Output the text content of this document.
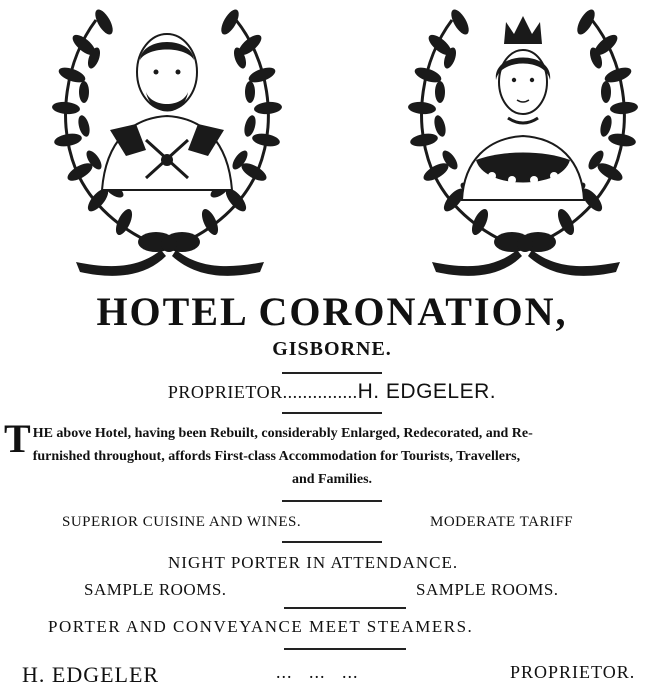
HOTEL CORONATION,
GISBORNE.
PROPRIETOR...............H. EDGELER.
T HE above Hotel, having been Rebuilt, considerably Enlarged, Redecorated, and Re-
furnished throughout, affords First-class Accommodation for Tourists, Travellers,
and Families.
SUPERIOR CUISINE AND WINES.	MODERATE TARIFF
NIGHT PORTER IN ATTENDANCE.
SAMPLE ROOMS.	SAMPLE ROOMS.
PORTER AND CONVEYANCE MEET STEAMERS.
H. EDGELER	...   ...   ...	PROPRIETOR.
